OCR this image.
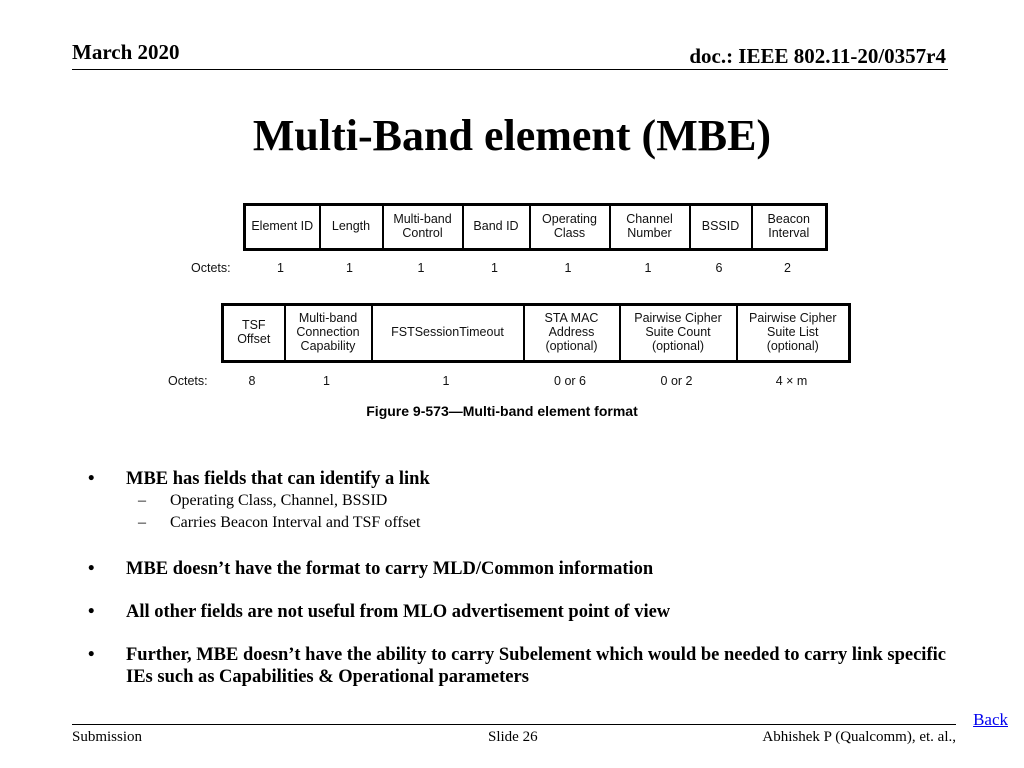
March 2020	doc.: IEEE 802.11-20/0357r4
Multi-Band element (MBE)
Element ID	Length	Multi-band Control	Band ID	Operating Class	Channel Number	BSSID	Beacon Interval
Octets:	1	1	1	1	1	1	6	2
TSF Offset	Multi-band Connection Capability	FSTSessionTimeout	STA MAC Address (optional)	Pairwise Cipher Suite Count (optional)	Pairwise Cipher Suite List (optional)
Octets:	8	1	1	0 or 6	0 or 2	4 × m
Figure 9-573—Multi-band element format
• MBE has fields that can identify a link
– Operating Class, Channel, BSSID
– Carries Beacon Interval and TSF offset
• MBE doesn’t have the format to carry MLD/Common information
• All other fields are not useful from MLO advertisement point of view
• Further, MBE doesn’t have the ability to carry Subelement which would be needed to carry link specific IEs such as Capabilities & Operational parameters
Submission	Slide 26	Abhishek P (Qualcomm), et. al.,
Back
